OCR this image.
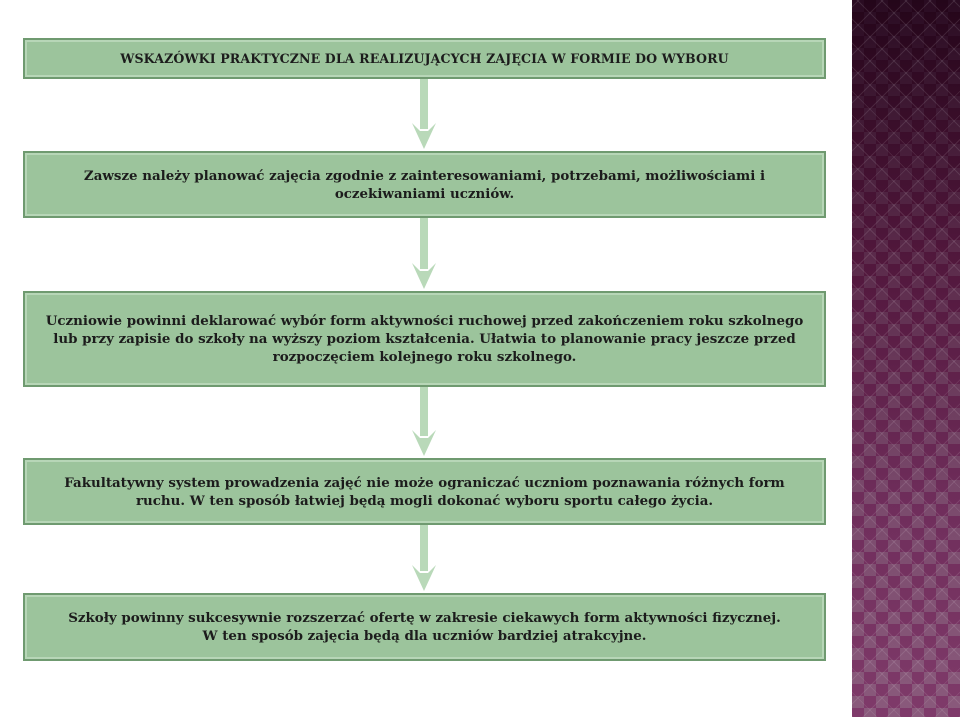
WSKAZÓWKI PRAKTYCZNE DLA REALIZUJĄCYCH ZAJĘCIA W FORMIE DO WYBORU
Zawsze należy planować zajęcia zgodnie z zainteresowaniami, potrzebami, możliwościami i oczekiwaniami uczniów.
Uczniowie powinni deklarować wybór form aktywności ruchowej przed zakończeniem roku szkolnego lub przy zapisie do szkoły na wyższy poziom kształcenia. Ułatwia to planowanie pracy jeszcze przed rozpoczęciem kolejnego roku szkolnego.
Fakultatywny system prowadzenia zajęć nie może ograniczać uczniom poznawania różnych form ruchu. W ten sposób łatwiej będą mogli dokonać wyboru sportu całego życia.
Szkoły powinny sukcesywnie rozszerzać ofertę w zakresie ciekawych form aktywności fizycznej. W ten sposób zajęcia będą dla uczniów bardziej atrakcyjne.
